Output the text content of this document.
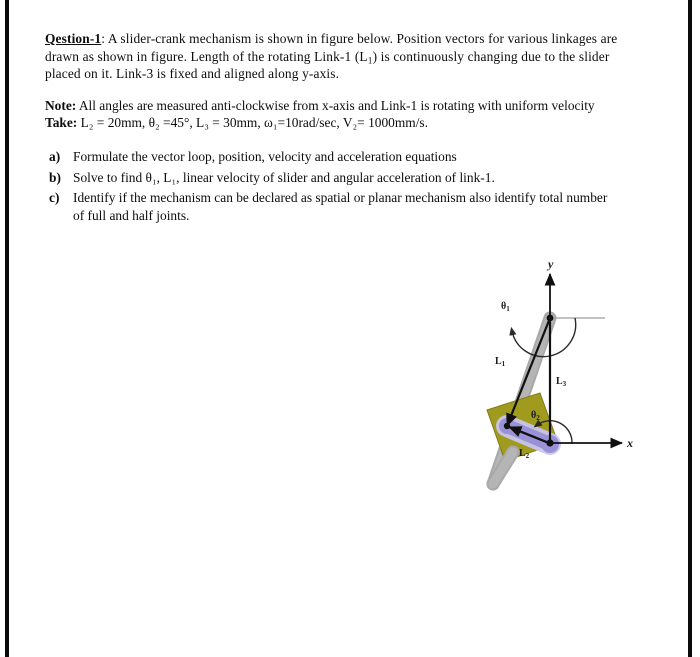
Qestion-1: A slider-crank mechanism is shown in figure below. Position vectors for various linkages are drawn as shown in figure. Length of the rotating Link-1 $(L_1)$ is continuously changing due to the slider placed on it. Link-3 is fixed and aligned along y-axis.

Note: All angles are measured anti-clockwise from x-axis and Link-1 is rotating with uniform velocity

Take: L₂ = 20mm, θ₂ =45°, L₃ = 30mm, ω₁=10rad/sec, V₂= 1000mm/s.

a) Formulate the vector loop, position, velocity and acceleration equations
b) Solve to find θ₁, L₁, linear velocity of slider and angular acceleration of link-1.
c) Identify if the mechanism can be declared as spatial or planar mechanism also identify total number of full and half joints.
y
x
$\theta_1$
$\theta_2$
$L_1$
$L_3$
$L_2$
